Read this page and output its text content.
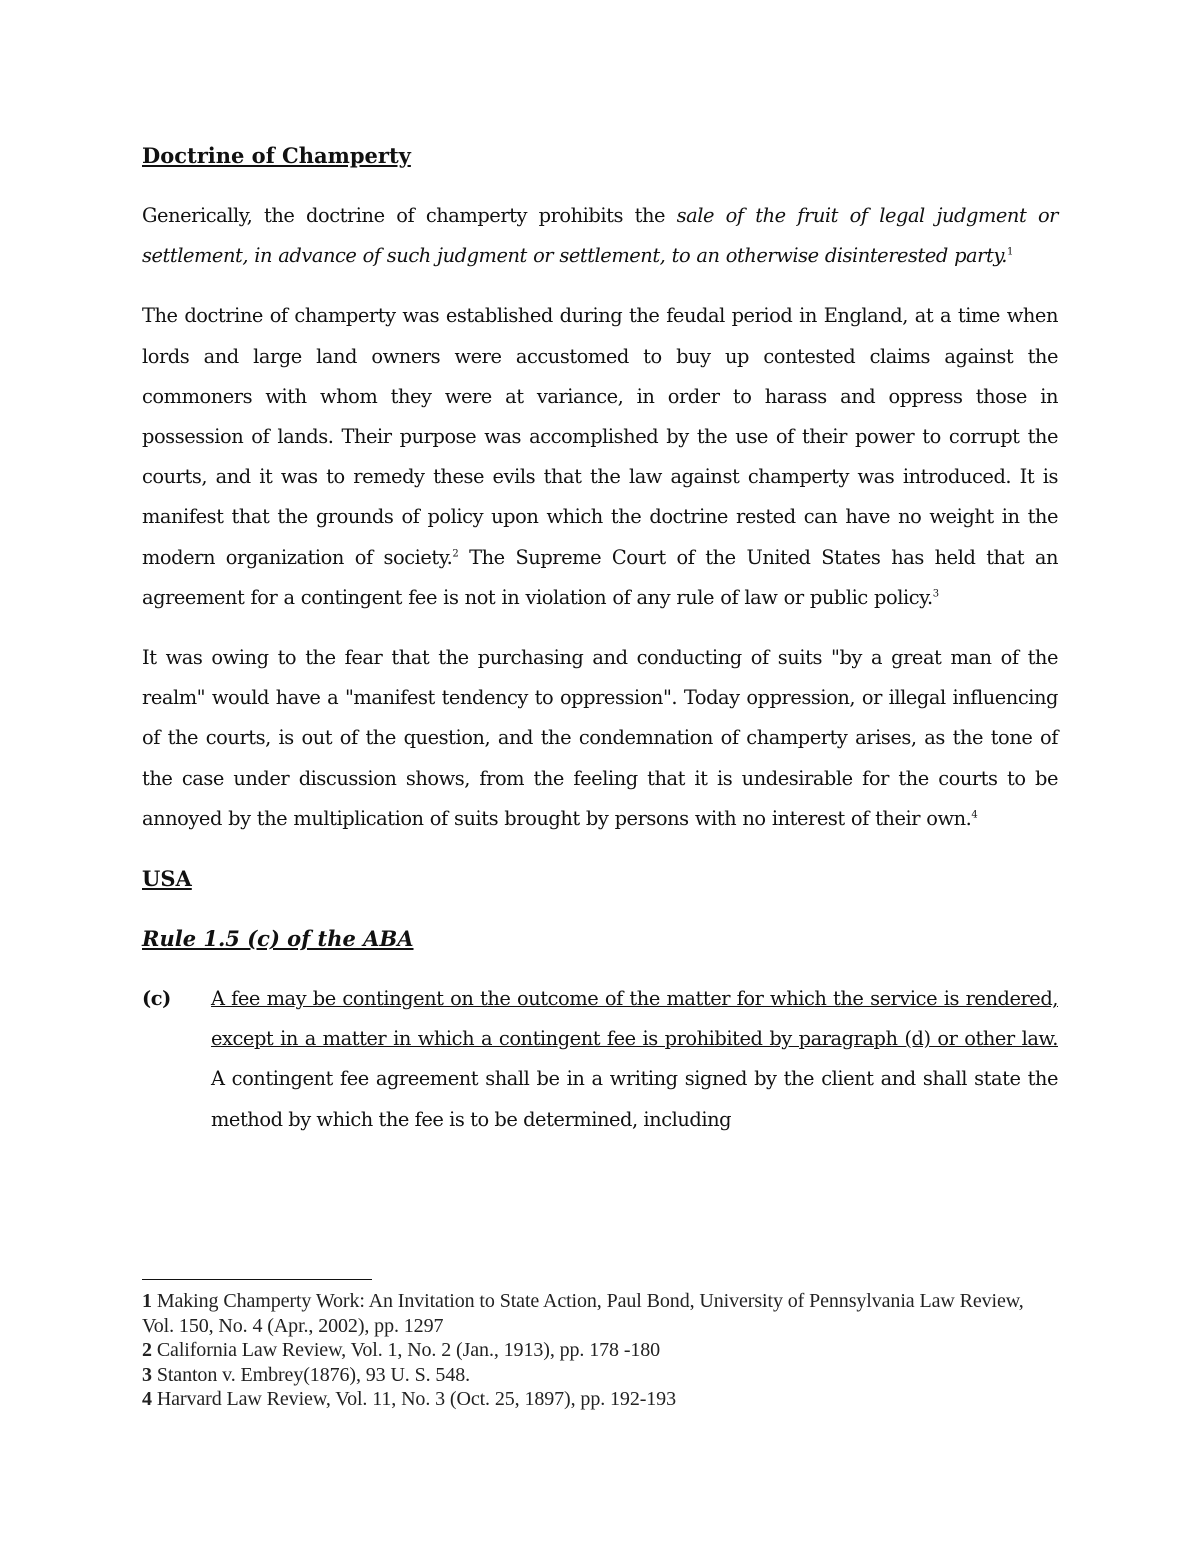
Doctrine of Champerty

Generically, the doctrine of champerty prohibits the sale of the fruit of legal judgment or settlement, in advance of such judgment or settlement, to an otherwise disinterested party.$^1$

The doctrine of champerty was established during the feudal period in England, at a time when lords and large land owners were accustomed to buy up contested claims against the commoners with whom they were at variance, in order to harass and oppress those in possession of lands. Their purpose was accomplished by the use of their power to corrupt the courts, and it was to remedy these evils that the law against champerty was introduced. It is manifest that the grounds of policy upon which the doctrine rested can have no weight in the modern organization of society.$^2$ The Supreme Court of the United States has held that an agreement for a contingent fee is not in violation of any rule of law or public policy.$^3$

It was owing to the fear that the purchasing and conducting of suits "by a great man of the realm" would have a "manifest tendency to oppression". Today oppression, or illegal influencing of the courts, is out of the question, and the condemnation of champerty arises, as the tone of the case under discussion shows, from the feeling that it is undesirable for the courts to be annoyed by the multiplication of suits brought by persons with no interest of their own.$^4$

USA
Rule 1.5 (c) of the ABA
(c)	A fee may be contingent on the outcome of the matter for which the service is rendered, except in a matter in which a contingent fee is prohibited by paragraph (d) or other law. A contingent fee agreement shall be in a writing signed by the client and shall state the method by which the fee is to be determined, including

1 Making Champerty Work: An Invitation to State Action, Paul Bond, University of Pennsylvania Law Review, Vol. 150, No. 4 (Apr., 2002), pp. 1297

2 California Law Review, Vol. 1, No. 2 (Jan., 1913), pp. 178 -180

3 Stanton v. Embrey(1876), 93 U. S. 548.

4 Harvard Law Review, Vol. 11, No. 3 (Oct. 25, 1897), pp. 192-193
